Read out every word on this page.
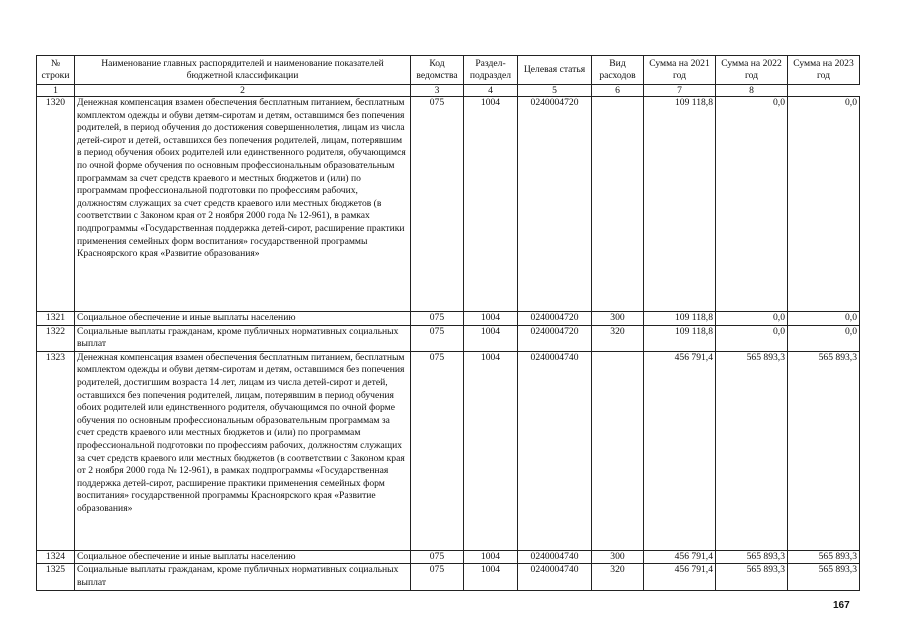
№ строки	Наименование главных распорядителей и наименование показателей бюджетной классификации	Код ведомства	Раздел- подраздел	Целевая статья	Вид расходов	Сумма на 2021 год	Сумма на 2022 год	Сумма на 2023 год
1	2	3	4	5	6	7	8	
1320	Денежная компенсация взамен обеспечения бесплатным питанием, бесплатным комплектом одежды и обуви детям-сиротам и детям, оставшимся без попечения родителей, в период обучения до достижения совершеннолетия, лицам из числа детей-сирот и детей, оставшихся без попечения родителей, лицам, потерявшим в период обучения обоих родителей или единственного родителя, обучающимся по очной форме обучения по основным профессиональным образовательным программам за счет средств краевого и местных бюджетов и (или) по программам профессиональной подготовки по профессиям рабочих, должностям служащих за счет средств краевого или местных бюджетов (в соответствии с Законом края от 2 ноября 2000 года № 12-961), в рамках подпрограммы «Государственная поддержка детей-сирот, расширение практики применения семейных форм воспитания» государственной программы Красноярского края «Развитие образования»	075	1004	0240004720		109 118,8	0,0	0,0
1321	Социальное обеспечение и иные выплаты населению	075	1004	0240004720	300	109 118,8	0,0	0,0
1322	Социальные выплаты гражданам, кроме публичных нормативных социальных выплат	075	1004	0240004720	320	109 118,8	0,0	0,0
1323	Денежная компенсация взамен обеспечения бесплатным питанием, бесплатным комплектом одежды и обуви детям-сиротам и детям, оставшимся без попечения родителей, достигшим возраста 14 лет, лицам из числа детей-сирот и детей, оставшихся без попечения родителей, лицам, потерявшим в период обучения обоих родителей или единственного родителя, обучающимся по очной форме обучения по основным профессиональным образовательным программам за счет средств краевого или местных бюджетов и (или) по программам профессиональной подготовки по профессиям рабочих, должностям служащих за счет средств краевого или местных бюджетов (в соответствии с Законом края от 2 ноября 2000 года № 12-961), в рамках подпрограммы «Государственная поддержка детей-сирот, расширение практики применения семейных форм воспитания» государственной программы Красноярского края «Развитие образования»	075	1004	0240004740		456 791,4	565 893,3	565 893,3
1324	Социальное обеспечение и иные выплаты населению	075	1004	0240004740	300	456 791,4	565 893,3	565 893,3
1325	Социальные выплаты гражданам, кроме публичных нормативных социальных выплат	075	1004	0240004740	320	456 791,4	565 893,3	565 893,3
167
